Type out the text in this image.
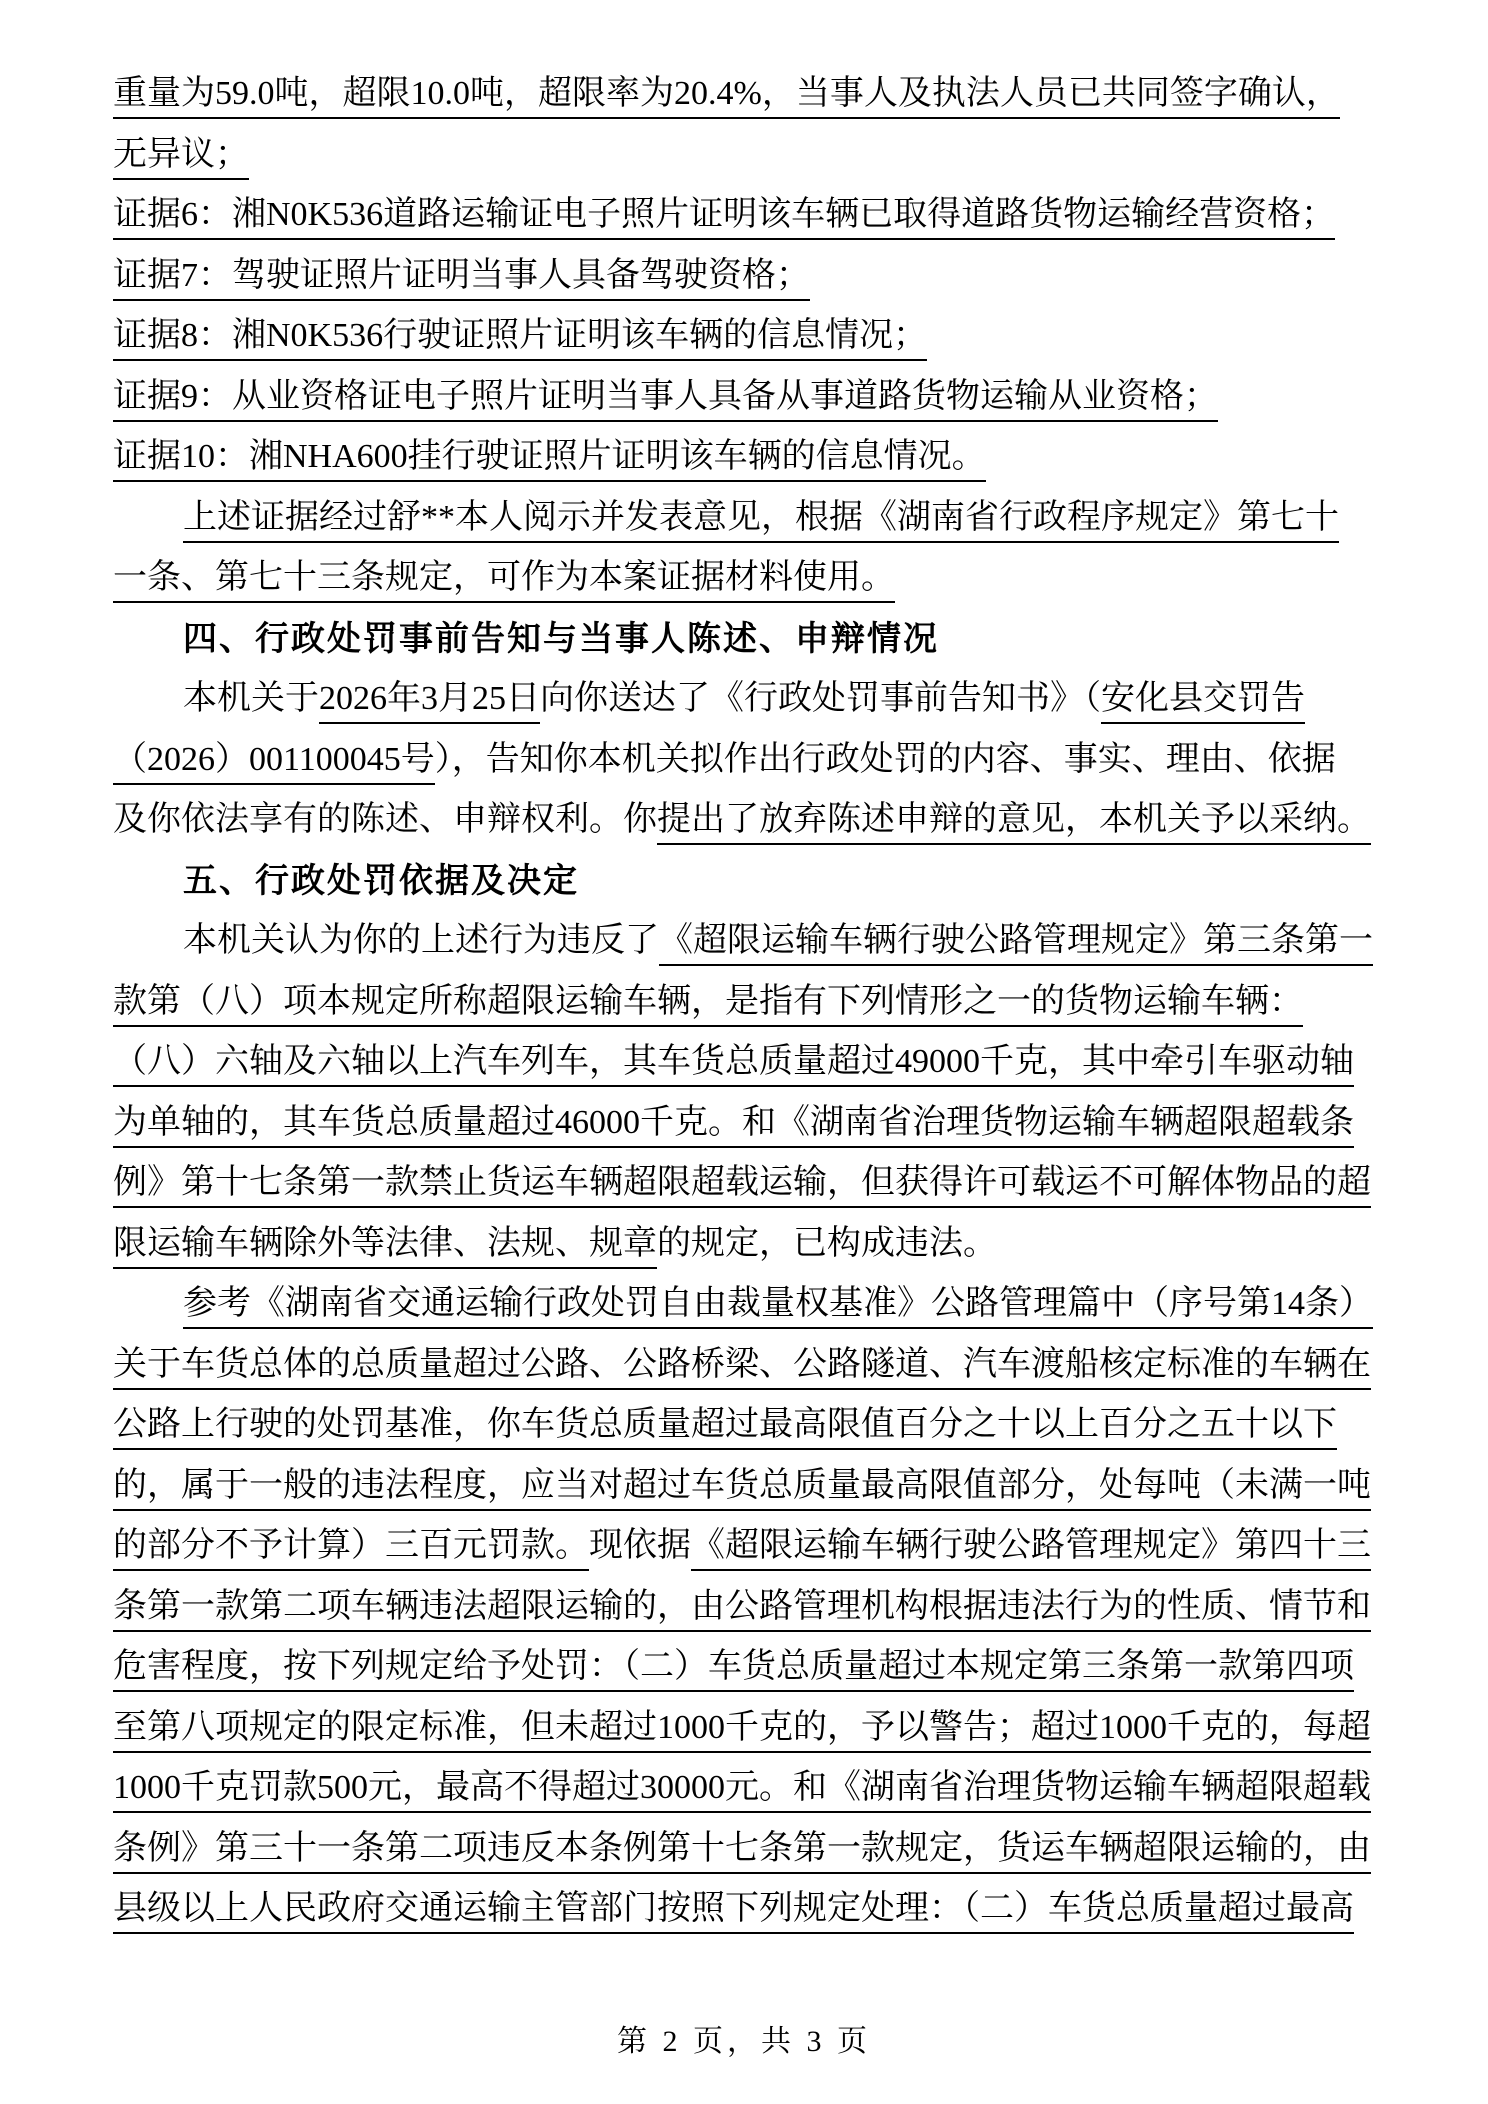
重量为59.0吨，超限10.0吨，超限率为20.4%，当事人及执法人员已共同签字确认，
无异议；
证据6：湘N0K536道路运输证电子照片证明该车辆已取得道路货物运输经营资格；
证据7：驾驶证照片证明当事人具备驾驶资格；
证据8：湘N0K536行驶证照片证明该车辆的信息情况；
证据9：从业资格证电子照片证明当事人具备从事道路货物运输从业资格；
证据10：湘NHA600挂行驶证照片证明该车辆的信息情况。
上述证据经过舒**本人阅示并发表意见，根据《湖南省行政程序规定》第七十
一条、第七十三条规定，可作为本案证据材料使用。
四、行政处罚事前告知与当事人陈述、申辩情况
本机关于2026年3月25日向你送达了《行政处罚事前告知书》（安化县交罚告
（2026）001100045号），告知你本机关拟作出行政处罚的内容、事实、理由、依据
及你依法享有的陈述、申辩权利。你提出了放弃陈述申辩的意见，本机关予以采纳。
五、行政处罚依据及决定
本机关认为你的上述行为违反了《超限运输车辆行驶公路管理规定》第三条第一
款第（八）项本规定所称超限运输车辆，是指有下列情形之一的货物运输车辆：
（八）六轴及六轴以上汽车列车，其车货总质量超过49000千克，其中牵引车驱动轴
为单轴的，其车货总质量超过46000千克。和《湖南省治理货物运输车辆超限超载条
例》第十七条第一款禁止货运车辆超限超载运输，但获得许可载运不可解体物品的超
限运输车辆除外等法律、法规、规章的规定，已构成违法。
参考《湖南省交通运输行政处罚自由裁量权基准》公路管理篇中（序号第14条）
关于车货总体的总质量超过公路、公路桥梁、公路隧道、汽车渡船核定标准的车辆在
公路上行驶的处罚基准，你车货总质量超过最高限值百分之十以上百分之五十以下
的，属于一般的违法程度，应当对超过车货总质量最高限值部分，处每吨（未满一吨
的部分不予计算）三百元罚款。现依据《超限运输车辆行驶公路管理规定》第四十三
条第一款第二项车辆违法超限运输的，由公路管理机构根据违法行为的性质、情节和
危害程度，按下列规定给予处罚：（二）车货总质量超过本规定第三条第一款第四项
至第八项规定的限定标准，但未超过1000千克的，予以警告；超过1000千克的，每超
1000千克罚款500元，最高不得超过30000元。和《湖南省治理货物运输车辆超限超载
条例》第三十一条第二项违反本条例第十七条第一款规定，货运车辆超限运输的，由
县级以上人民政府交通运输主管部门按照下列规定处理：（二）车货总质量超过最高
第 2 页，共 3 页
